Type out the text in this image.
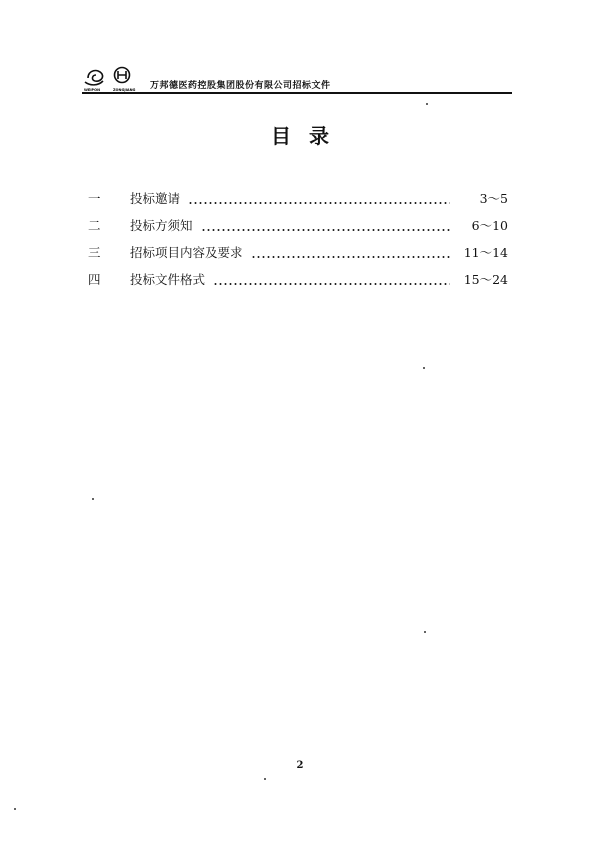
WEIPON	ZONGJIANG 万邦德医药控股集团股份有限公司招标文件
目录
一	投标邀请	3～5
二	投标方须知	6～10
三	招标项目内容及要求	11～14
四	投标文件格式	15～24
2
